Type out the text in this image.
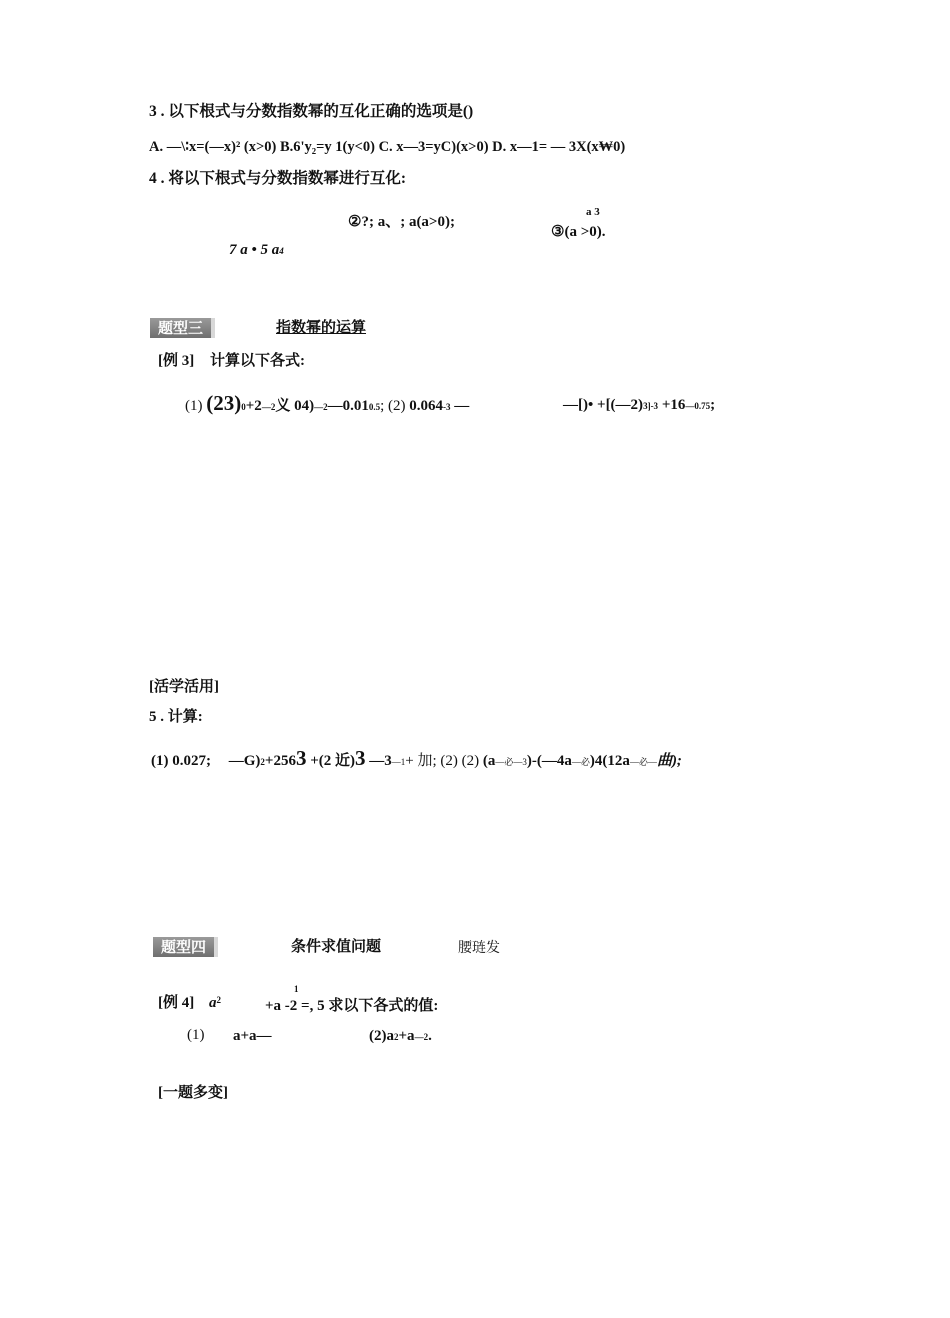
3 . 以下根式与分数指数幂的互化正确的选项是()
A. —\∶x=(—x)² (x>0) B.6'y₂=y 1(y<0) C. x—3=yC)(x>0) D. x—1= — 3X(x₩0)
4 . 将以下根式与分数指数幂进行互化:
②?; a、; a(a>0);
a 3
③(a >0).
7 a • 5 a4
题型三	指数幂的运算
[例 3] 计算以下各式:
(1) (23)0+2—2义 04)—2—0.010.5; (2) 0.064-3 —	—[)• +[(—2)3]-3 +16—0.75;
[活学活用]
5 . 计算:
(1) 0.027; —G)2+2563 +(2 近)3 —3—1+ 加; (2) (2) (a—必—3)-(—4a—必)4(12a—必—曲);
题型四	条件求值问题	腰琏发
1
[例 4] $a^2$	+a -2 =, 5 求以下各式的值:
(1) a+a—	(2)a2+a—2.
[一题多变]
